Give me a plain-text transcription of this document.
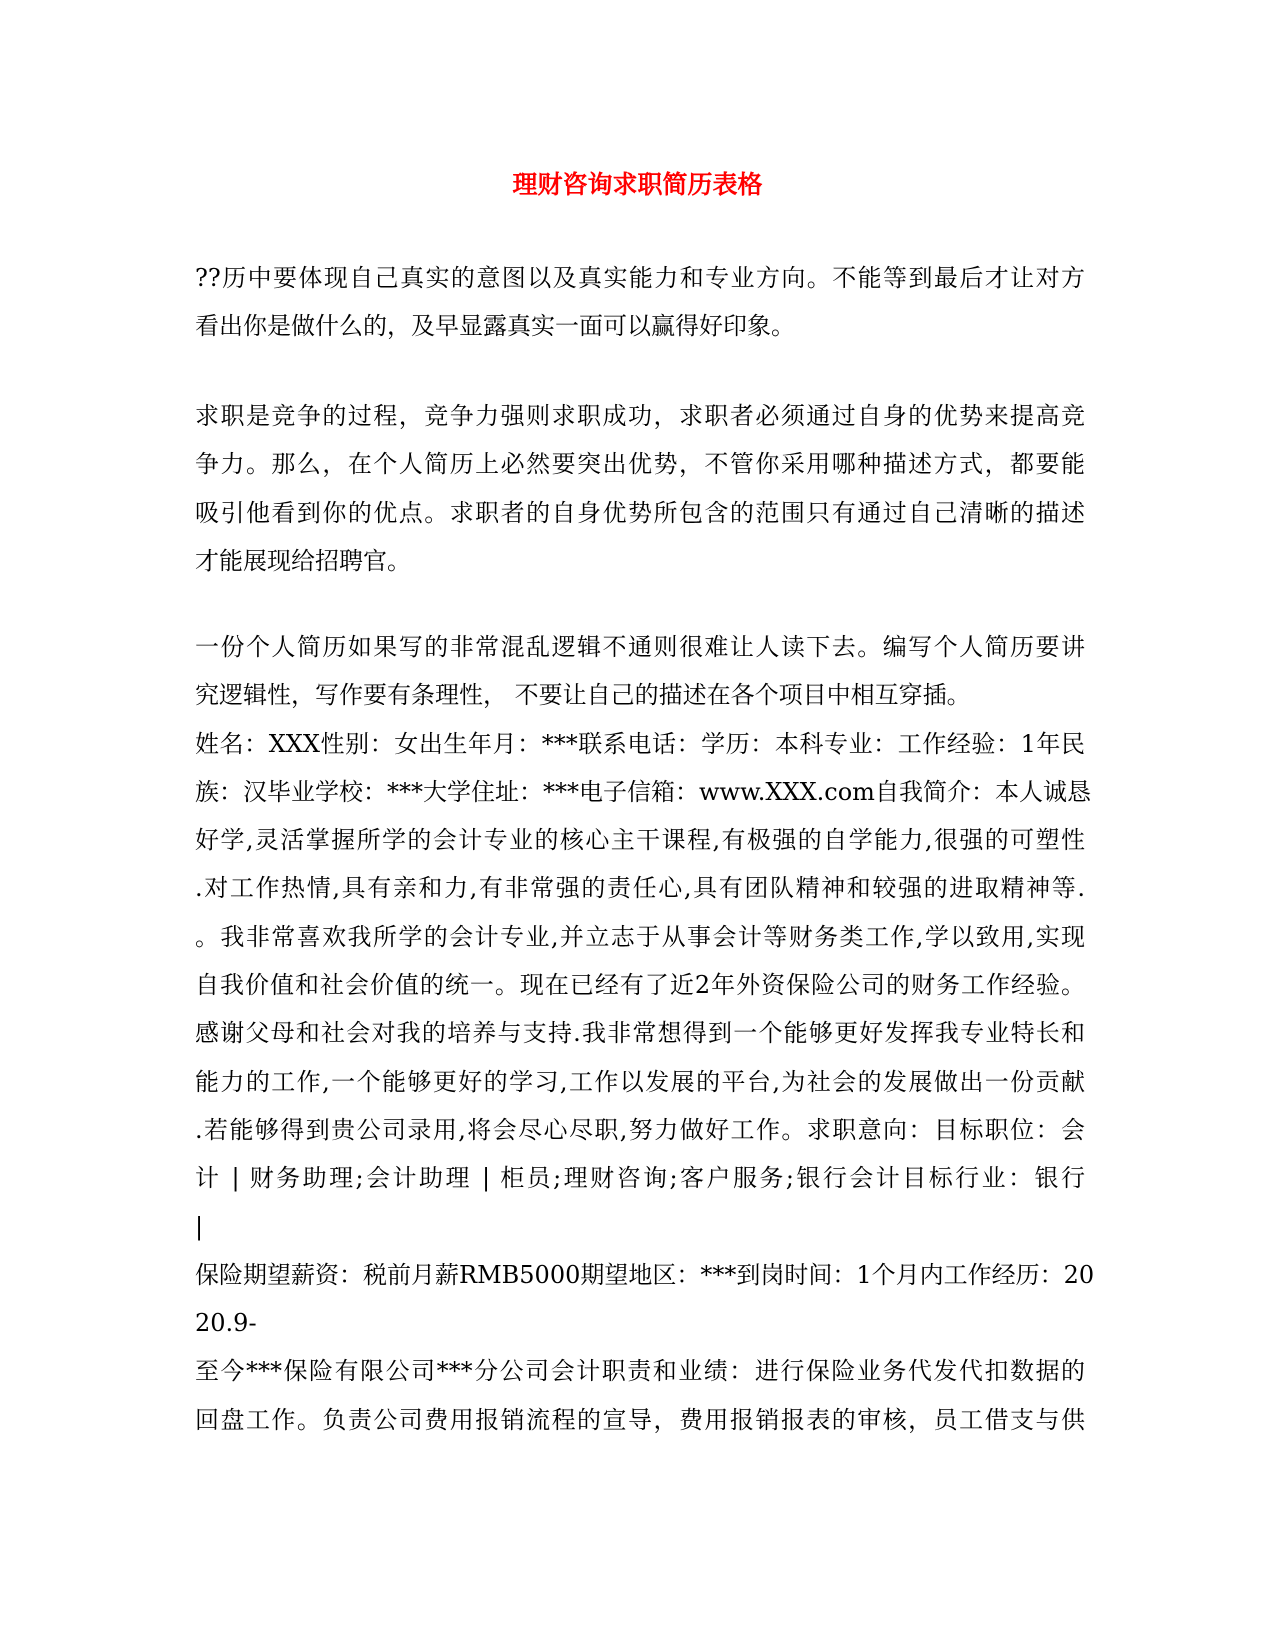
理财咨询求职简历表格
??历中要体现自己真实的意图以及真实能力和专业方向。不能等到最后才让对方
看出你是做什么的，及早显露真实一面可以赢得好印象。
求职是竞争的过程，竞争力强则求职成功，求职者必须通过自身的优势来提高竞
争力。那么，在个人简历上必然要突出优势，不管你采用哪种描述方式，都要能
吸引他看到你的优点。求职者的自身优势所包含的范围只有通过自己清晰的描述
才能展现给招聘官。
一份个人简历如果写的非常混乱逻辑不通则很难让人读下去。编写个人简历要讲
究逻辑性，写作要有条理性， 不要让自己的描述在各个项目中相互穿插。
姓名：XXX性别：女出生年月：***联系电话：学历：本科专业：工作经验：1年民
族：汉毕业学校：***大学住址：***电子信箱：www.XXX.com自我简介：本人诚恳
好学,灵活掌握所学的会计专业的核心主干课程,有极强的自学能力,很强的可塑性
.对工作热情,具有亲和力,有非常强的责任心,具有团队精神和较强的进取精神等.
。我非常喜欢我所学的会计专业,并立志于从事会计等财务类工作,学以致用,实现
自我价值和社会价值的统一。现在已经有了近2年外资保险公司的财务工作经验。
感谢父母和社会对我的培养与支持.我非常想得到一个能够更好发挥我专业特长和
能力的工作,一个能够更好的学习,工作以发展的平台,为社会的发展做出一份贡献
.若能够得到贵公司录用,将会尽心尽职,努力做好工作。求职意向：目标职位：会
计 | 财务助理;会计助理 | 柜员;理财咨询;客户服务;银行会计目标行业：银行
|
保险期望薪资：税前月薪RMB5000期望地区：***到岗时间：1个月内工作经历：20
20.9-
至今***保险有限公司***分公司会计职责和业绩：进行保险业务代发代扣数据的
回盘工作。负责公司费用报销流程的宣导，费用报销报表的审核，员工借支与供
